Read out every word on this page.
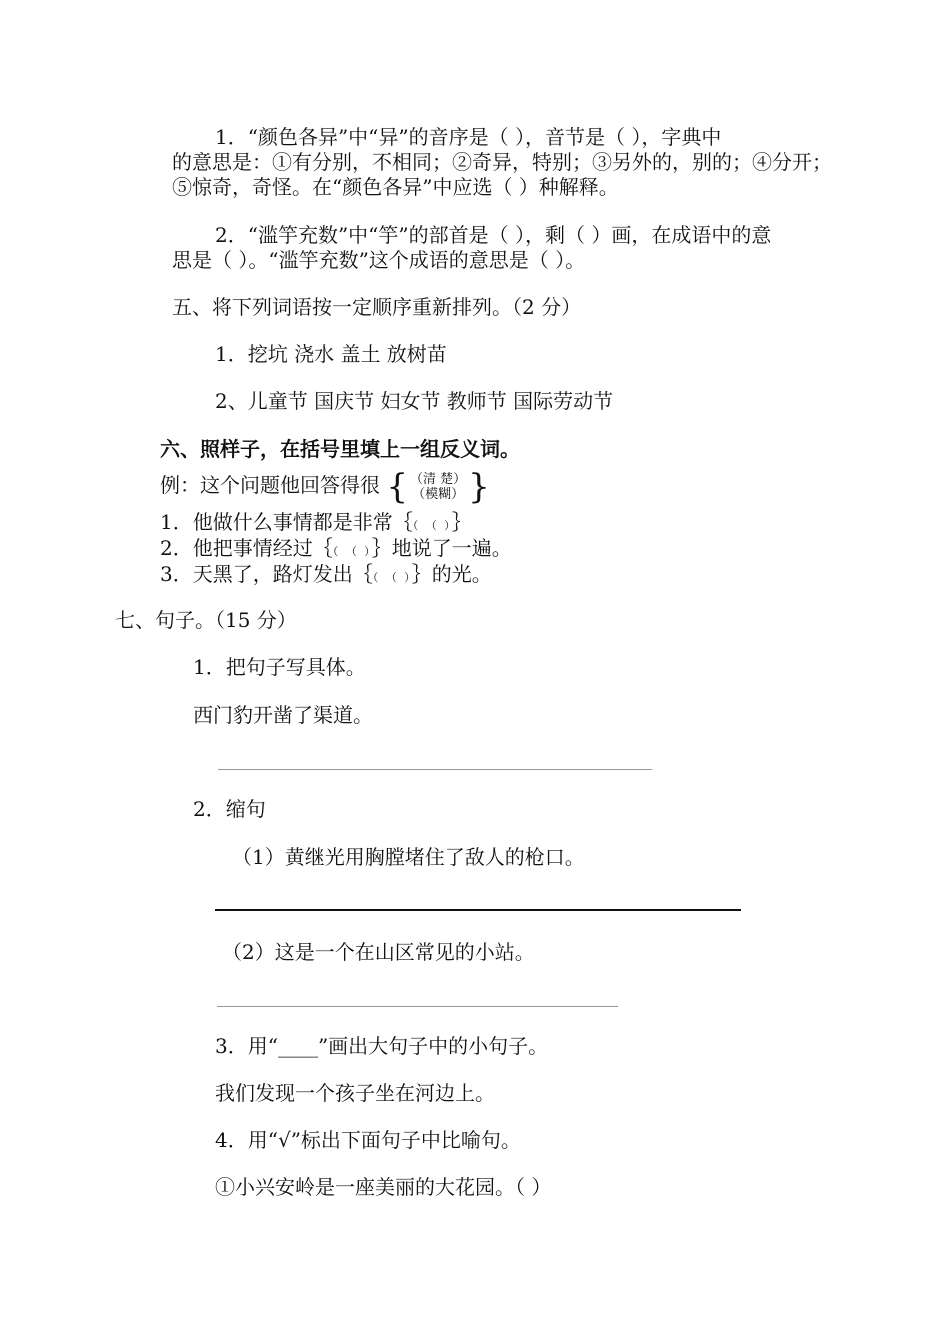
1．“颜色各异”中“异”的音序是（ ），音节是（ ），字典中
的意思是：①有分别，不相同；②奇异，特别；③另外的，别的；④分开；
⑤惊奇，奇怪。在“颜色各异”中应选（ ）种解释。
2．“滥竽充数”中“竽”的部首是（ ），剩（ ）画，在成语中的意
思是（ ）。“滥竽充数”这个成语的意思是（ ）。
五、将下列词语按一定顺序重新排列。（2 分）
1．挖坑 浇水 盖土 放树苗
2、儿童节 国庆节 妇女节 教师节 国际劳动节
六、照样子，在括号里填上一组反义词。
例：这个问题他回答得很 { （清 楚）
（模糊） }
1．他做什么事情都是非常｛（ （ ）｝
2．他把事情经过｛（ （ ）｝地说了一遍。
3．天黑了，路灯发出｛（ （ ）｝的光。
七、句子。（15 分）
1．把句子写具体。
西门豹开凿了渠道。
2．缩句
（1）黄继光用胸膛堵住了敌人的枪口。
（2）这是一个在山区常见的小站。
3．用“____”画出大句子中的小句子。
我们发现一个孩子坐在河边上。
4．用“√”标出下面句子中比喻句。
①小兴安岭是一座美丽的大花园。（ ）
